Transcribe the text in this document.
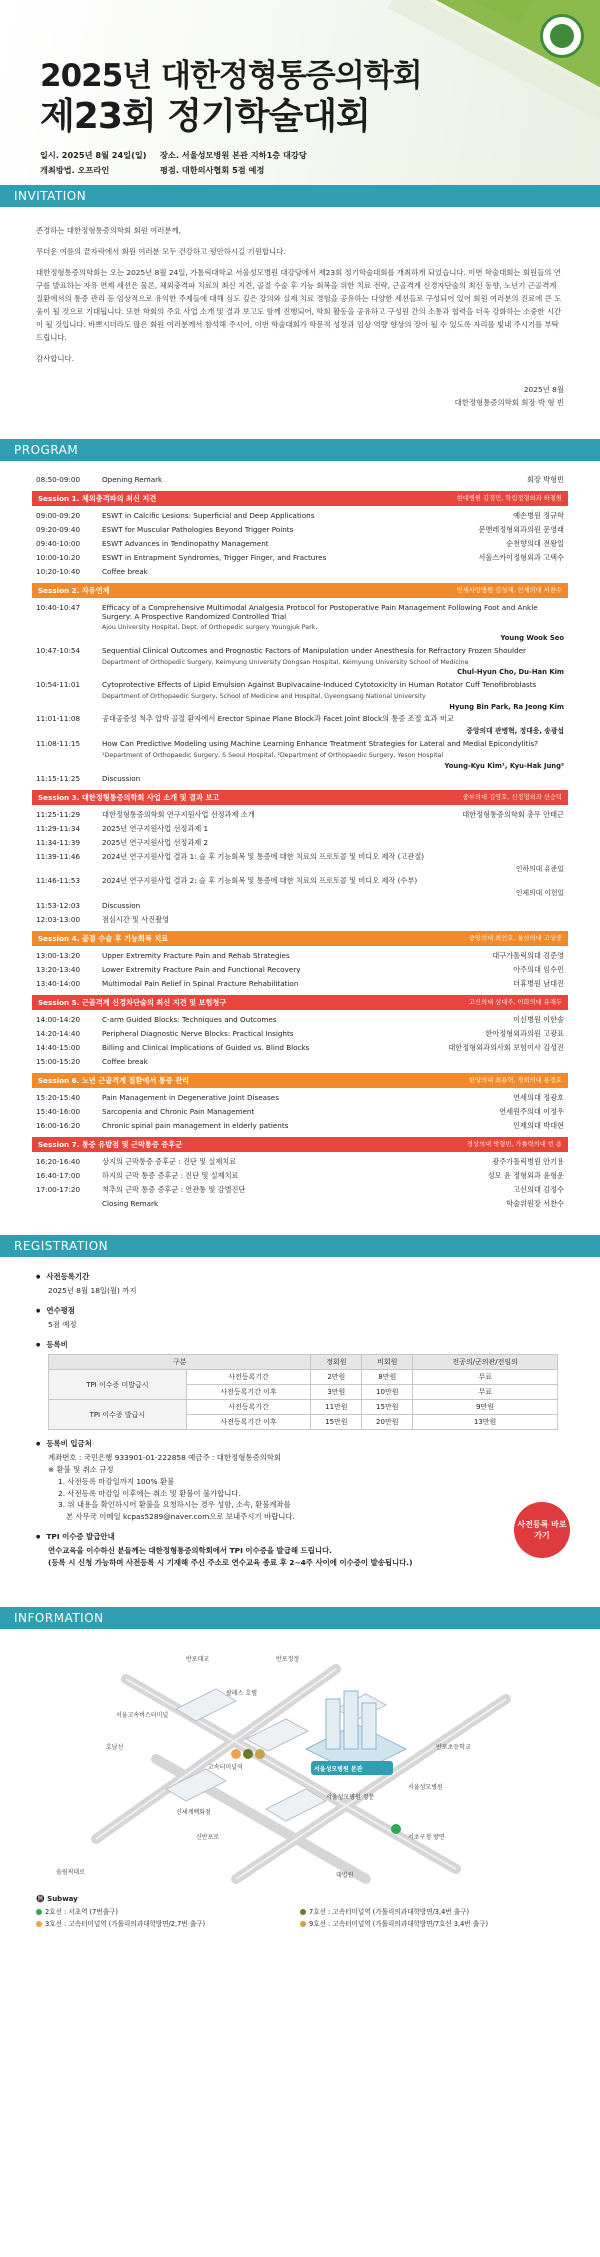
2025년 대한정형통증의학회
제23회 정기학술대회
일시. 2025년 8월 24일(일)	장소. 서울성모병원 본관 지하1층 대강당
개최방법. 오프라인	평점. 대한의사협회 5점 예정
INVITATION

존경하는 대한정형통증의학회 회원 여러분께,

무더운 여름의 끝자락에서 회원 여러분 모두 건강하고 평안하시길 기원합니다.

대한정형통증의학회는 오는 2025년 8월 24일, 가톨릭대학교 서울성모병원 대강당에서 제23회 정기학술대회를 개최하게 되었습니다. 이번 학술대회는 회원들의 연구를 발표하는 자유 연제 세션은 물론, 체외충격파 치료의 최신 지견, 골절 수술 후 기능 회복을 위한 치료 전략, 근골격계 신경자단술의 최신 동향, 노년기 근골격계 질환에서의 통증 관리 등 임상적으로 유익한 주제들에 대해 심도 깊은 강의와 실제 치료 경험을 공유하는 다양한 세션들로 구성되어 있어 회원 여러분의 진료에 큰 도움이 될 것으로 기대됩니다. 또한 학회의 주요 사업 소개 및 결과 보고도 함께 진행되어, 학회 활동을 공유하고 구성원 간의 소통과 협력을 더욱 강화하는 소중한 시간이 될 것입니다. 바쁘시더라도 많은 회원 여러분께서 참석해 주시어, 이번 학술대회가 학문적 성장과 임상 역량 향상의 장이 될 수 있도록 자리를 빛내 주시기를 부탁드립니다.

감사합니다.

2025년 8월
대한정형통증의학회 회장 박 형 빈
PROGRAM
08:50-09:00	Opening Remark	회장 박형빈
Session 1. 체외충격파의 최신 지견	현대병원 김정민, 학림정형외과 하철원
09:00-09:20	ESWT in Calcific Lesions: Superficial and Deep Applications	예손병원 정규학
09:20-09:40	ESWT for Muscular Pathologies Beyond Trigger Points	문앤레정형외과의원 문영래
09:40-10:00	ESWT Advances in Tendinopathy Management	순천향의대 전왕일
10:00-10:20	ESWT in Entrapment Syndromes, Trigger Finger, and Fractures	서울스카이정형외과 고택수
10:20-10:40	Coffee break
Session 2. 자유연제	연세사랑병원 김성제, 인제의대 서찬수
10:40-10:47	Efficacy of a Comprehensive Multimodal Analgesia Protocol for Postoperative Pain Management Following Foot and Ankle Surgery: A Prospective Randomized Controlled Trial
Ajou University Hospital, Dept. of Orthopedic surgery Youngjuk Park,
Young Wook Seo
10:47-10:54	Sequential Clinical Outcomes and Prognostic Factors of Manipulation under Anesthesia for Refractory Frozen Shoulder
Department of Orthopedic Surgery, Keimyung University Dongsan Hospital, Keimyung University School of Medicine
Chul-Hyun Cho, Du-Han Kim
10:54-11:01	Cytoprotective Effects of Lipid Emulsion Against Bupivacaine-Induced Cytotoxicity in Human Rotator Cuff Tenofibroblasts
Department of Orthopaedic Surgery, School of Medicine and Hospital, Gyeongsang National University
Hyung Bin Park, Ra Jeong Kim
11:01-11:08	공대공증성 척추 압박 골절 환자에서 Erector Spinae Plane Block과 Facet Joint Block의 통증 조절 효과 비교
중앙의대 관병혁, 정대웅, 송광섭
11:08-11:15	How Can Predictive Modeling using Machine Learning Enhance Treatment Strategies for Lateral and Medial Epicondylitis?
¹Department of Orthopaedic Surgery, S Seoul Hospital, ²Department of Orthopaedic Surgery, Yeson Hospital
Young-Kyu Kim¹, Kyu-Hak Jung²
11:15-11:25	Discussion
Session 3. 대한정형통증의학회 사업 소개 및 결과 보고	중부의대 김영호, 신정형외과 선승덕
11:25-11:29	대한정형통증의학회 연구지원사업 선정과제 소개	대한정형통증의학회 총무 안태근
11:29-11:34	2025년 연구지원사업 선정과제 1
11:34-11:39	2025년 연구지원사업 선정과제 2
11:39-11:46	2024년 연구지원사업 결과 1: 슬 후 기능회복 및 통증에 대한 치료의 프로토콜 및 비디오 제작 (고관절)
인하의대 유준일
11:46-11:53	2024년 연구지원사업 결과 2: 슬 후 기능회복 및 통증에 대한 치료의 프로토콜 및 비디오 제작 (수부)
인제의대 이헌일
11:53-12:03	Discussion
12:03-13:00	점심시간 및 사진촬영
Session 4. 골절 수술 후 기능회복 치료	중앙의대 최인호, 울산의대 고상중
13:00-13:20	Upper Extremity Fracture Pain and Rehab Strategies	대구가톨릭의대 김준영
13:20-13:40	Lower Extremity Fracture Pain and Functional Recovery	아주의대 임수민
13:40-14:00	Multimodal Pain Relief in Spinal Fracture Rehabilitation	더휴병원 남대진
Session 5. 근골격계 신경차단술의 최신 지견 및 보험청구	고신의대 심대주, 이화의대 유재두
14:00-14:20	C-arm Guided Blocks: Techniques and Outcomes	이신병원 이한솔
14:20-14:40	Peripheral Diagnostic Nerve Blocks: Practical Insights	한아정형외과의원 고광표
14:40-15:00	Billing and Clinical Implications of Guided vs. Blind Blocks	대한정형외과의사회 보험이사 김성진
15:00-15:20	Coffee break
Session 6. 노년 근골격계 질환에서 통증 관리	한양의대 최용혁, 경희의대 용경호
15:20-15:40	Pain Management in Degenerative Joint Diseases	연세의대 정광호
15:40-16:00	Sarcopenia and Chronic Pain Management	연세원주의대 이정우
16:00-16:20	Chronic spinal pain management in elderly patients	인제의대 박대현
Session 7. 통증 유발점 및 근막통증 증후군	경상의대 박형빈, 가톨릭의대 빈 용
16:20-16:40	상지의 근막통증 증후군 : 진단 및 실제치료	광주가톨릭병원 안기용
16:40-17:00	하지의 근막 통증 증후군 : 진단 및 실제치료	성모 윤 정형외과 윤형운
17:00-17:20	척추의 근막 통증 증후군 : 연관통 및 감별진단	고신의대 김정수
Closing Remark	학술위원장 서찬수
REGISTRATION
● 사전등록기간
2025년 8월 18일(월) 까지
● 연수평점
5점 예정
● 등록비
구분		정회원	비회원	전공의/군의관/전임의
TPI 이수증 미발급시	사전등록기간	2만원	8만원	무료
	사전등록기간 이후	3만원	10만원	무료
TPI 이수증 발급시	사전등록기간	11만원	15만원	9만원
	사전등록기간 이후	15만원	20만원	13만원
● 등록비 입금처
계좌번호 : 국민은행 933901-01-222858 예금주 : 대한정형통증의학회
※ 환불 및 취소 규정
1. 사전등록 마감일까지 100% 환불
2. 사전등록 마감일 이후에는 취소 및 환불이 불가합니다.
3. 위 내용을 확인하시어 환불을 요청하시는 경우 성함, 소속, 환불계좌를
본 사무국 이메일 kcpas5289@naver.com으로 보내주시기 바랍니다.
● TPI 이수증 발급안내
연수교육을 이수하신 분들께는 대한정형통증의학회에서 TPI 이수증을 발급해 드립니다.
(등록 시 신청 가능하며 사전등록 시 기재해 주신 주소로 연수교육 종료 후 2~4주 사이에 이수증이 발송됩니다.)
사전등록 바로가기
INFORMATION
반포대교	반포정정
서울고속버스터미널
호남선
고속터미널역
팔레스 호텔
서울성모병원 본관
반포초등학교
서울성모병원
올림픽대로
서초구청 방면
대법원
신반포로
신세계백화점
서울성모병원 정문
🚇 Subway
2호선 : 서초역 (7번출구)	7호선 : 고속터미널역 (가톨릭의과대학방면/3,4번 출구)
3호선 : 고속터미널역 (가톨릭의과대학방면/2,7번 출구)	9호선 : 고속터미널역 (가톨릭의과대학방면/7호선 3,4번 출구)
